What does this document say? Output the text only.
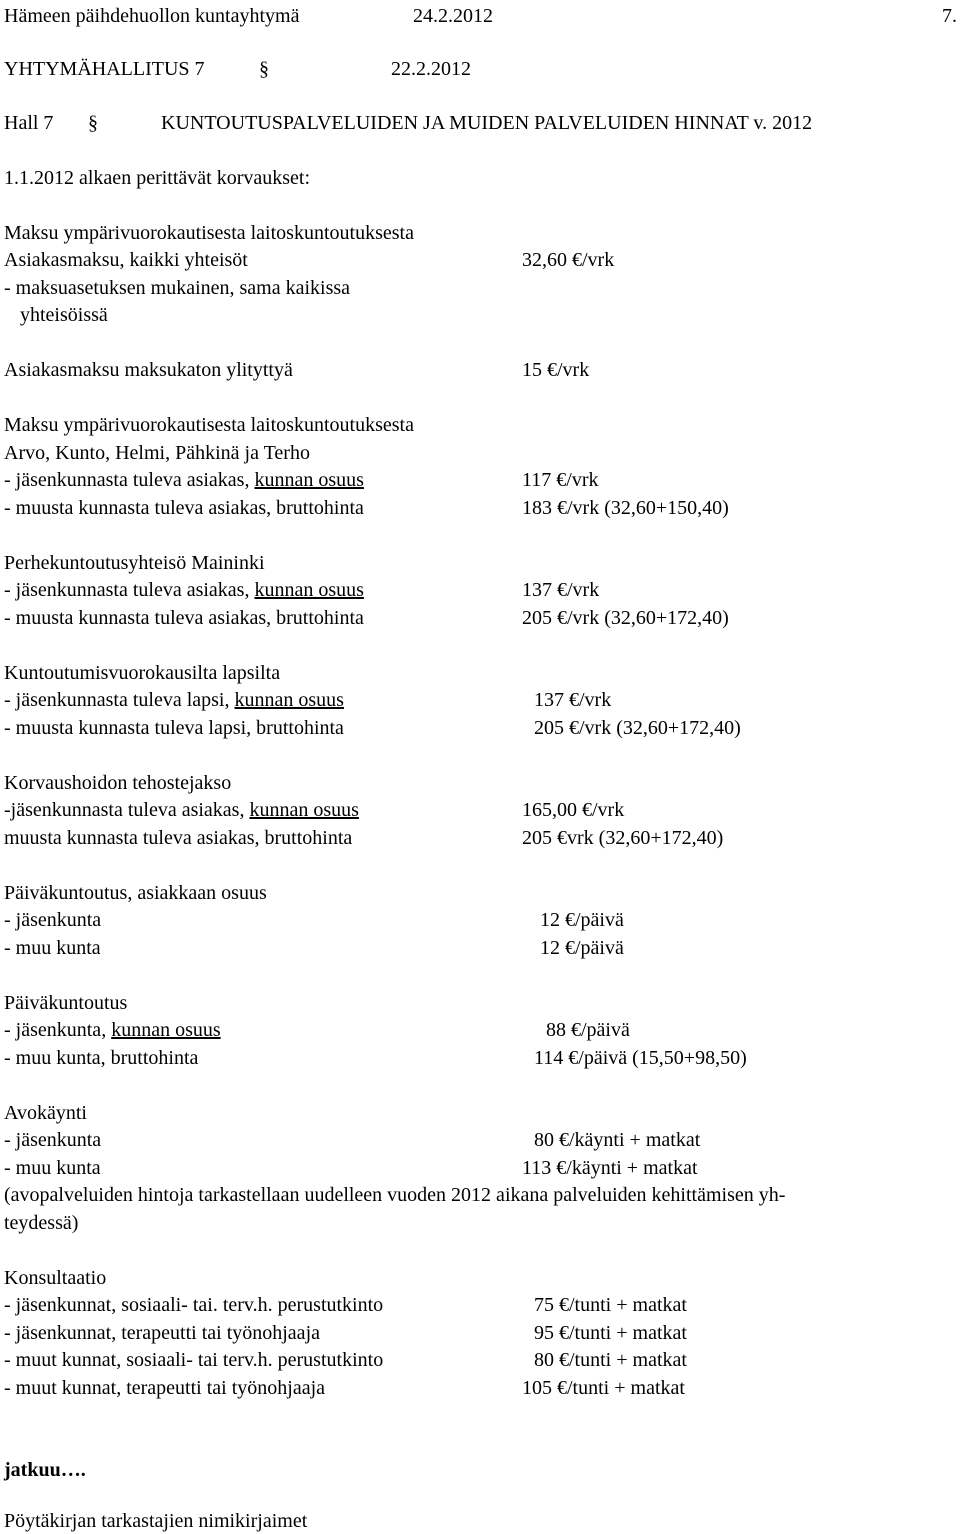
Hämeen päihdehuollon kuntayhtymä	24.2.2012	7.
YHTYMÄHALLITUS 7	§	22.2.2012
Hall 7 §	KUNTOUTUSPALVELUIDEN JA MUIDEN PALVELUIDEN HINNAT v. 2012
1.1.2012 alkaen perittävät korvaukset:
Maksu ympärivuorokautisesta laitoskuntoutuksesta
Asiakasmaksu, kaikki yhteisöt	32,60 €/vrk
- maksuasetuksen mukainen, sama kaikissa
yhteisöissä
Asiakasmaksu maksukaton ylityttyä	15 €/vrk
Maksu ympärivuorokautisesta laitoskuntoutuksesta
Arvo, Kunto, Helmi, Pähkinä ja Terho
- jäsenkunnasta tuleva asiakas, kunnan osuus	117 €/vrk
- muusta kunnasta tuleva asiakas, bruttohinta	183 €/vrk (32,60+150,40)
Perhekuntoutusyhteisö Maininki
- jäsenkunnasta tuleva asiakas, kunnan osuus	137 €/vrk
- muusta kunnasta tuleva asiakas, bruttohinta	205 €/vrk (32,60+172,40)
Kuntoutumisvuorokausilta lapsilta
- jäsenkunnasta tuleva lapsi, kunnan osuus	137 €/vrk
- muusta kunnasta tuleva lapsi, bruttohinta	205 €/vrk (32,60+172,40)
Korvaushoidon tehostejakso
-jäsenkunnasta tuleva asiakas, kunnan osuus	165,00 €/vrk
muusta kunnasta tuleva asiakas, bruttohinta	205 €vrk (32,60+172,40)
Päiväkuntoutus, asiakkaan osuus
- jäsenkunta	12 €/päivä
- muu kunta	12 €/päivä
Päiväkuntoutus
- jäsenkunta, kunnan osuus	88 €/päivä
- muu kunta, bruttohinta	114 €/päivä (15,50+98,50)
Avokäynti
- jäsenkunta	80 €/käynti + matkat
- muu kunta	113 €/käynti + matkat
(avopalveluiden hintoja tarkastellaan uudelleen vuoden 2012 aikana palveluiden kehittämisen yh-
teydessä)
Konsultaatio
- jäsenkunnat, sosiaali- tai. terv.h. perustutkinto	75 €/tunti + matkat
- jäsenkunnat, terapeutti tai työnohjaaja	95 €/tunti + matkat
- muut kunnat, sosiaali- tai terv.h. perustutkinto	80 €/tunti + matkat
- muut kunnat, terapeutti tai työnohjaaja	105 €/tunti + matkat
jatkuu….
Pöytäkirjan tarkastajien nimikirjaimet
